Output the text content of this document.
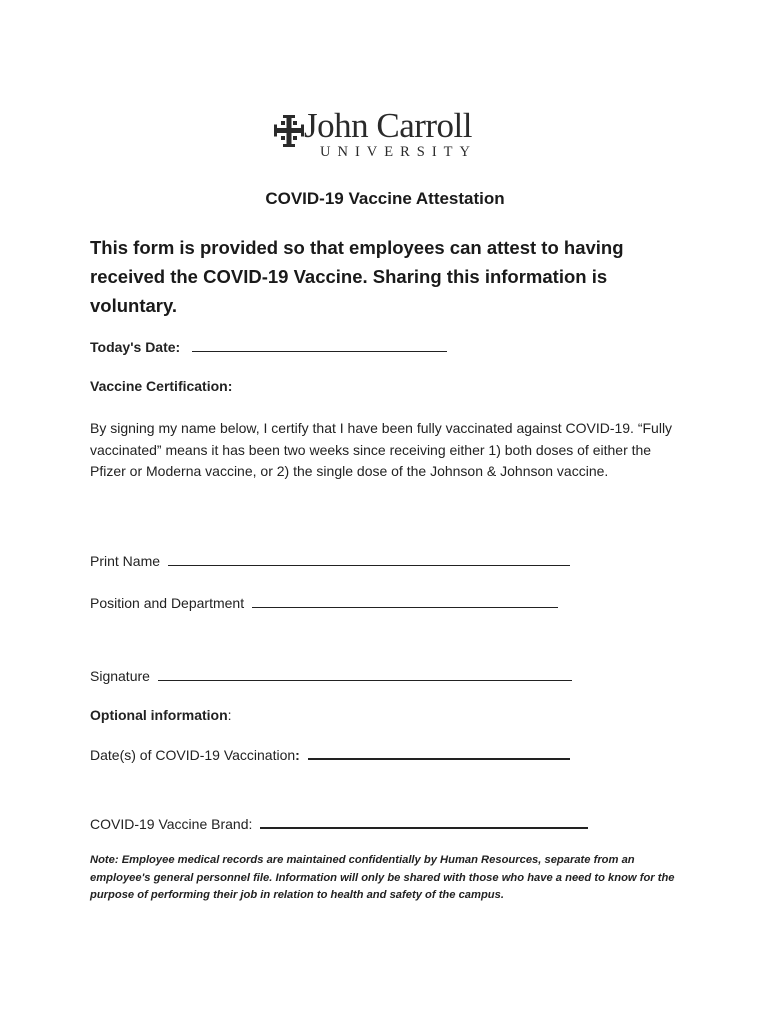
John Carroll
UNIVERSITY
COVID-19 Vaccine Attestation
This form is provided so that employees can attest to having received the COVID-19 Vaccine. Sharing this information is voluntary.
Today's Date:
Vaccine Certification:
By signing my name below, I certify that I have been fully vaccinated against COVID-19. “Fully vaccinated” means it has been two weeks since receiving either 1) both doses of either the Pfizer or Moderna vaccine, or 2) the single dose of the Johnson & Johnson vaccine.
Print Name
Position and Department
Signature
Optional information:
Date(s) of COVID-19 Vaccination:
COVID-19 Vaccine Brand:
Note: Employee medical records are maintained confidentially by Human Resources, separate from an employee's general personnel file. Information will only be shared with those who have a need to know for the purpose of performing their job in relation to health and safety of the campus.
